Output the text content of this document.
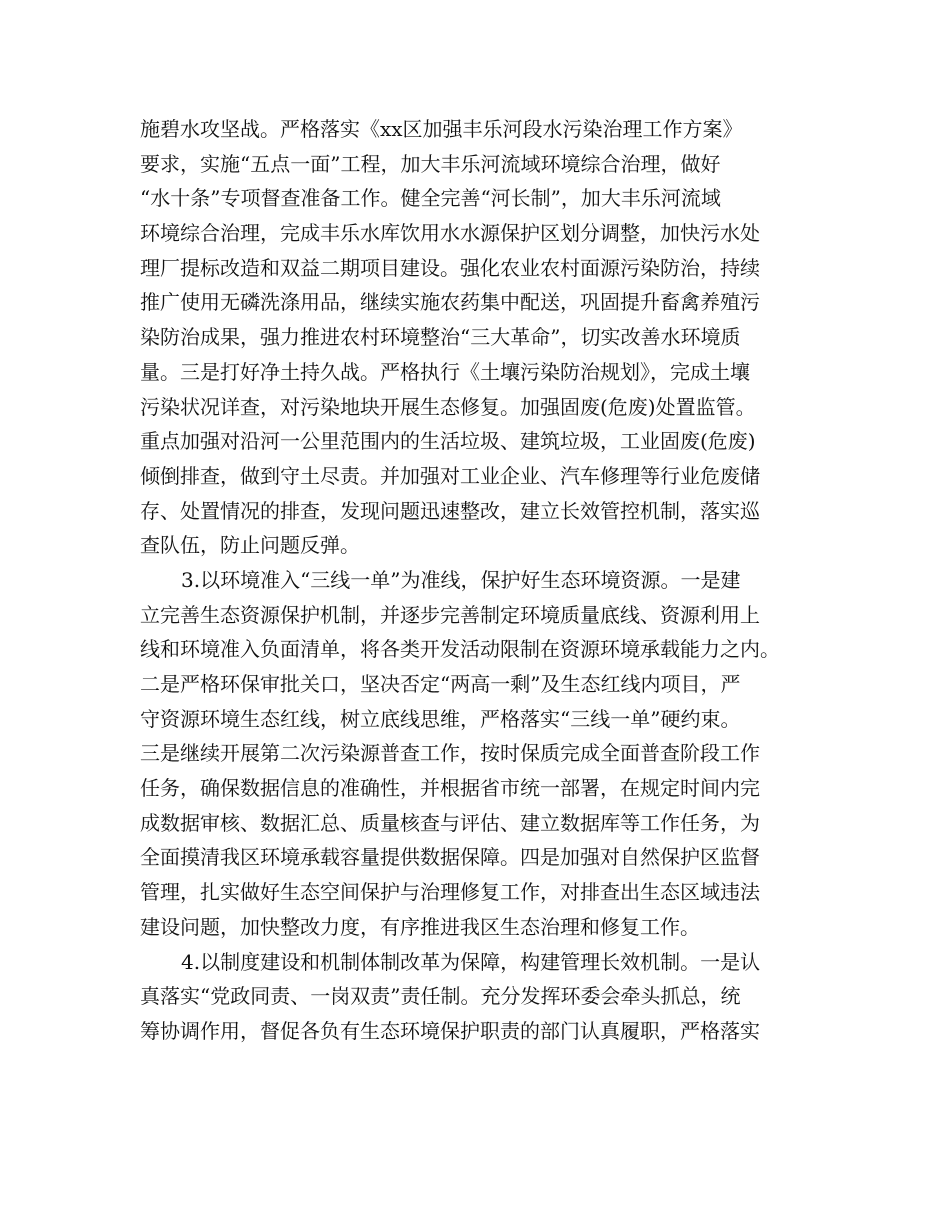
施碧水攻坚战。严格落实《xx区加强丰乐河段水污染治理工作方案》
要求，实施“五点一面”工程，加大丰乐河流域环境综合治理，做好
“水十条”专项督查准备工作。健全完善“河长制”，加大丰乐河流域
环境综合治理，完成丰乐水库饮用水水源保护区划分调整，加快污水处
理厂提标改造和双益二期项目建设。强化农业农村面源污染防治，持续
推广使用无磷洗涤用品，继续实施农药集中配送，巩固提升畜禽养殖污
染防治成果，强力推进农村环境整治“三大革命”，切实改善水环境质
量。三是打好净土持久战。严格执行《土壤污染防治规划》，完成土壤
污染状况详查，对污染地块开展生态修复。加强固废(危废)处置监管。
重点加强对沿河一公里范围内的生活垃圾、建筑垃圾，工业固废(危废)
倾倒排查，做到守土尽责。并加强对工业企业、汽车修理等行业危废储
存、处置情况的排查，发现问题迅速整改，建立长效管控机制，落实巡
查队伍，防止问题反弹。
3.以环境准入“三线一单”为准线，保护好生态环境资源。一是建
立完善生态资源保护机制，并逐步完善制定环境质量底线、资源利用上
线和环境准入负面清单，将各类开发活动限制在资源环境承载能力之内。
二是严格环保审批关口，坚决否定“两高一剩”及生态红线内项目，严
守资源环境生态红线，树立底线思维，严格落实“三线一单”硬约束。
三是继续开展第二次污染源普查工作，按时保质完成全面普查阶段工作
任务，确保数据信息的准确性，并根据省市统一部署，在规定时间内完
成数据审核、数据汇总、质量核查与评估、建立数据库等工作任务，为
全面摸清我区环境承载容量提供数据保障。四是加强对自然保护区监督
管理，扎实做好生态空间保护与治理修复工作，对排查出生态区域违法
建设问题，加快整改力度，有序推进我区生态治理和修复工作。
4.以制度建设和机制体制改革为保障，构建管理长效机制。一是认
真落实“党政同责、一岗双责”责任制。充分发挥环委会牵头抓总，统
筹协调作用，督促各负有生态环境保护职责的部门认真履职，严格落实
